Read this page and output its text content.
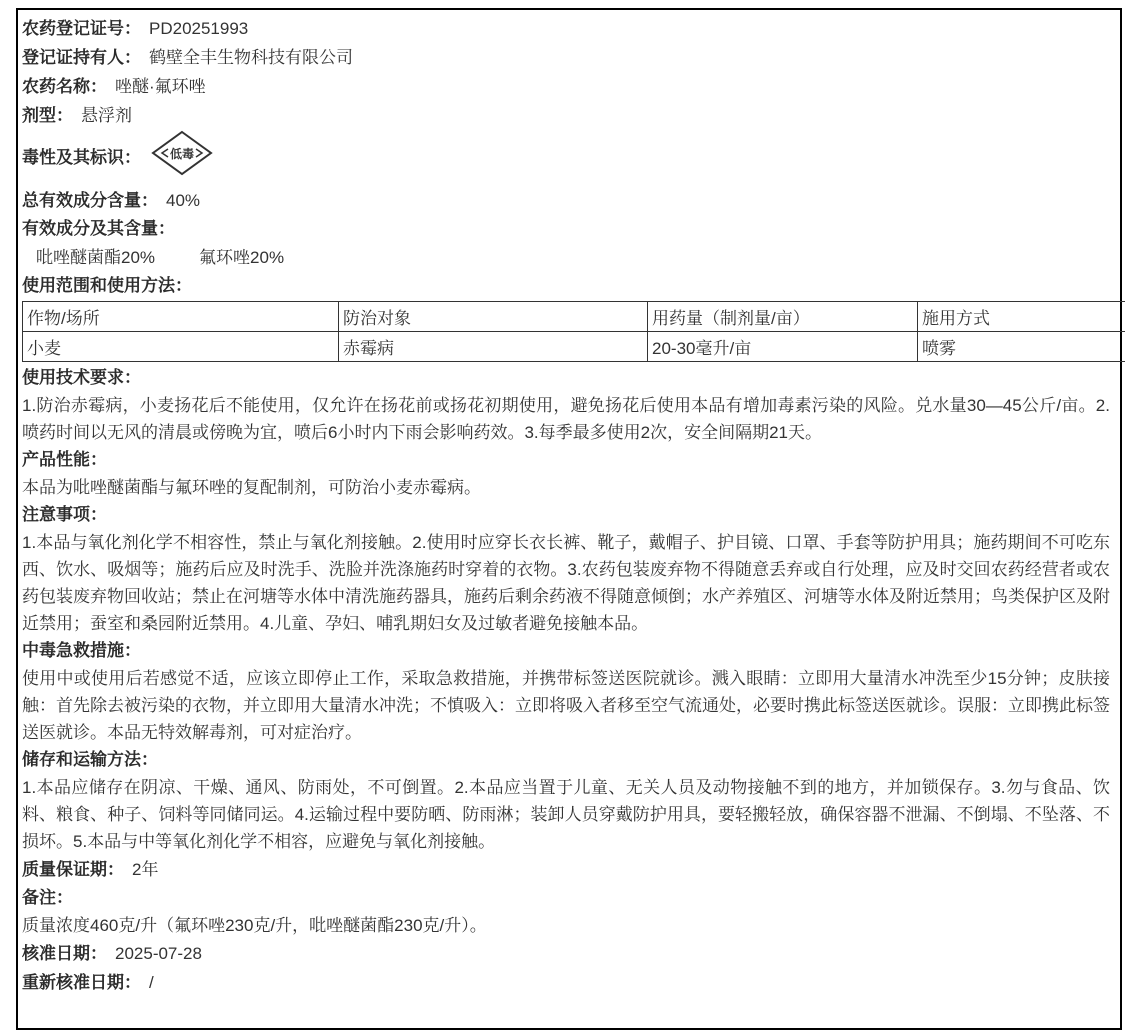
农药登记证号： PD20251993
登记证持有人： 鹤壁全丰生物科技有限公司
农药名称： 唑醚·氟环唑
剂型： 悬浮剂
毒性及其标识： 低毒
总有效成分含量： 40%
有效成分及其含量：
吡唑醚菌酯20%	氟环唑20%
使用范围和使用方法：
作物/场所	防治对象	用药量（制剂量/亩）	施用方式
小麦	赤霉病	20-30毫升/亩	喷雾
使用技术要求：
1.防治赤霉病，小麦扬花后不能使用，仅允许在扬花前或扬花初期使用，避免扬花后使用本品有增加毒素污染的风险。兑水量30—45公斤/亩。2.喷药时间以无风的清晨或傍晚为宜，喷后6小时内下雨会影响药效。3.每季最多使用2次，安全间隔期21天。
产品性能：
本品为吡唑醚菌酯与氟环唑的复配制剂，可防治小麦赤霉病。
注意事项：
1.本品与氧化剂化学不相容性，禁止与氧化剂接触。2.使用时应穿长衣长裤、靴子，戴帽子、护目镜、口罩、手套等防护用具；施药期间不可吃东西、饮水、吸烟等；施药后应及时洗手、洗脸并洗涤施药时穿着的衣物。3.农药包装废弃物不得随意丢弃或自行处理，应及时交回农药经营者或农药包装废弃物回收站；禁止在河塘等水体中清洗施药器具，施药后剩余药液不得随意倾倒；水产养殖区、河塘等水体及附近禁用；鸟类保护区及附近禁用；蚕室和桑园附近禁用。4.儿童、孕妇、哺乳期妇女及过敏者避免接触本品。
中毒急救措施：
使用中或使用后若感觉不适，应该立即停止工作，采取急救措施，并携带标签送医院就诊。溅入眼睛：立即用大量清水冲洗至少15分钟；皮肤接触：首先除去被污染的衣物，并立即用大量清水冲洗；不慎吸入：立即将吸入者移至空气流通处，必要时携此标签送医就诊。误服：立即携此标签送医就诊。本品无特效解毒剂，可对症治疗。
储存和运输方法：
1.本品应储存在阴凉、干燥、通风、防雨处，不可倒置。2.本品应当置于儿童、无关人员及动物接触不到的地方，并加锁保存。3.勿与食品、饮料、粮食、种子、饲料等同储同运。4.运输过程中要防晒、防雨淋；装卸人员穿戴防护用具，要轻搬轻放，确保容器不泄漏、不倒塌、不坠落、不损坏。5.本品与中等氧化剂化学不相容，应避免与氧化剂接触。
质量保证期： 2年
备注：
质量浓度460克/升（氟环唑230克/升，吡唑醚菌酯230克/升）。
核准日期： 2025-07-28
重新核准日期： /
